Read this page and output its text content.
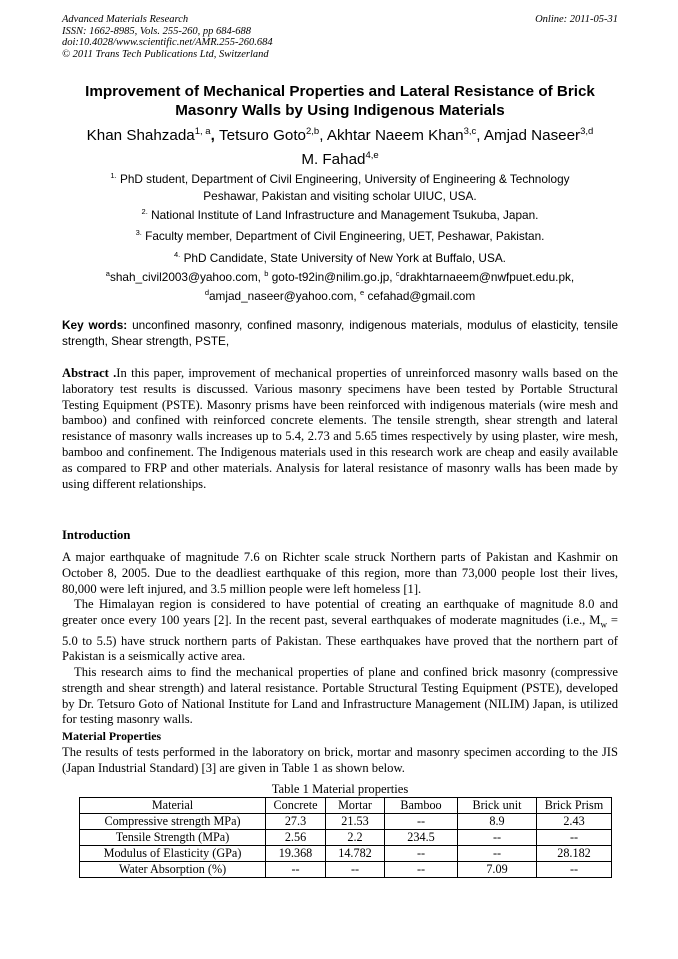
Advanced Materials Research
ISSN: 1662-8985, Vols. 255-260, pp 684-688
doi:10.4028/www.scientific.net/AMR.255-260.684
© 2011 Trans Tech Publications Ltd, Switzerland
Online: 2011-05-31
Improvement of Mechanical Properties and Lateral Resistance of Brick Masonry Walls by Using Indigenous Materials
Khan Shahzada$^{1, a}$, Tetsuro Goto$^{2,b}$, Akhtar Naeem Khan$^{3,c}$, Amjad Naseer$^{3,d}$
M. Fahad$^{4,e}$
$^{1.}$ PhD student, Department of Civil Engineering, University of Engineering & Technology
Peshawar, Pakistan and visiting scholar UIUC, USA.
$^{2.}$ National Institute of Land Infrastructure and Management Tsukuba, Japan.
$^{3.}$ Faculty member, Department of Civil Engineering, UET, Peshawar, Pakistan.
$^{4.}$ PhD Candidate, State University of New York at Buffalo, USA.
$^a$shah_civil2003@yahoo.com, $^b$ goto-t92in@nilim.go.jp, $^c$drakhtarnaeem@nwfpuet.edu.pk,
$^d$amjad_naseer@yahoo.com, $^e$ cefahad@gmail.com
Key words: unconfined masonry, confined masonry, indigenous materials, modulus of elasticity, tensile strength, Shear strength, PSTE,
Abstract .In this paper, improvement of mechanical properties of unreinforced masonry walls based on the laboratory test results is discussed. Various masonry specimens have been tested by Portable Structural Testing Equipment (PSTE). Masonry prisms have been reinforced with indigenous materials (wire mesh and bamboo) and confined with reinforced concrete elements. The tensile strength, shear strength and lateral resistance of masonry walls increases up to 5.4, 2.73 and 5.65 times respectively by using plaster, wire mesh, bamboo and confinement. The Indigenous materials used in this research work are cheap and easily available as compared to FRP and other materials. Analysis for lateral resistance of masonry walls has been made by using different relationships.
Introduction

A major earthquake of magnitude 7.6 on Richter scale struck Northern parts of Pakistan and Kashmir on October 8, 2005. Due to the deadliest earthquake of this region, more than 73,000 people lost their lives, 80,000 were left injured, and 3.5 million people were left homeless [1].

The Himalayan region is considered to have potential of creating an earthquake of magnitude 8.0 and greater once every 100 years [2]. In the recent past, several earthquakes of moderate magnitudes (i.e., $M_w = 5.0$ to 5.5) have struck northern parts of Pakistan. These earthquakes have proved that the northern part of Pakistan is a seismically active area.

This research aims to find the mechanical properties of plane and confined brick masonry (compressive strength and shear strength) and lateral resistance. Portable Structural Testing Equipment (PSTE), developed by Dr. Tetsuro Goto of National Institute for Land and Infrastructure Management (NILIM) Japan, is utilized for testing masonry walls.

Material Properties
The results of tests performed in the laboratory on brick, mortar and masonry specimen according to the JIS (Japan Industrial Standard) [3] are given in Table 1 as shown below.
Table 1 Material properties
Material	Concrete	Mortar	Bamboo	Brick unit	Brick Prism
Compressive strength MPa)	27.3	21.53	--	8.9	2.43
Tensile Strength (MPa)	2.56	2.2	234.5	--	--
Modulus of Elasticity (GPa)	19.368	14.782	--	--	28.182
Water Absorption (%)	--	--	--	7.09	--
